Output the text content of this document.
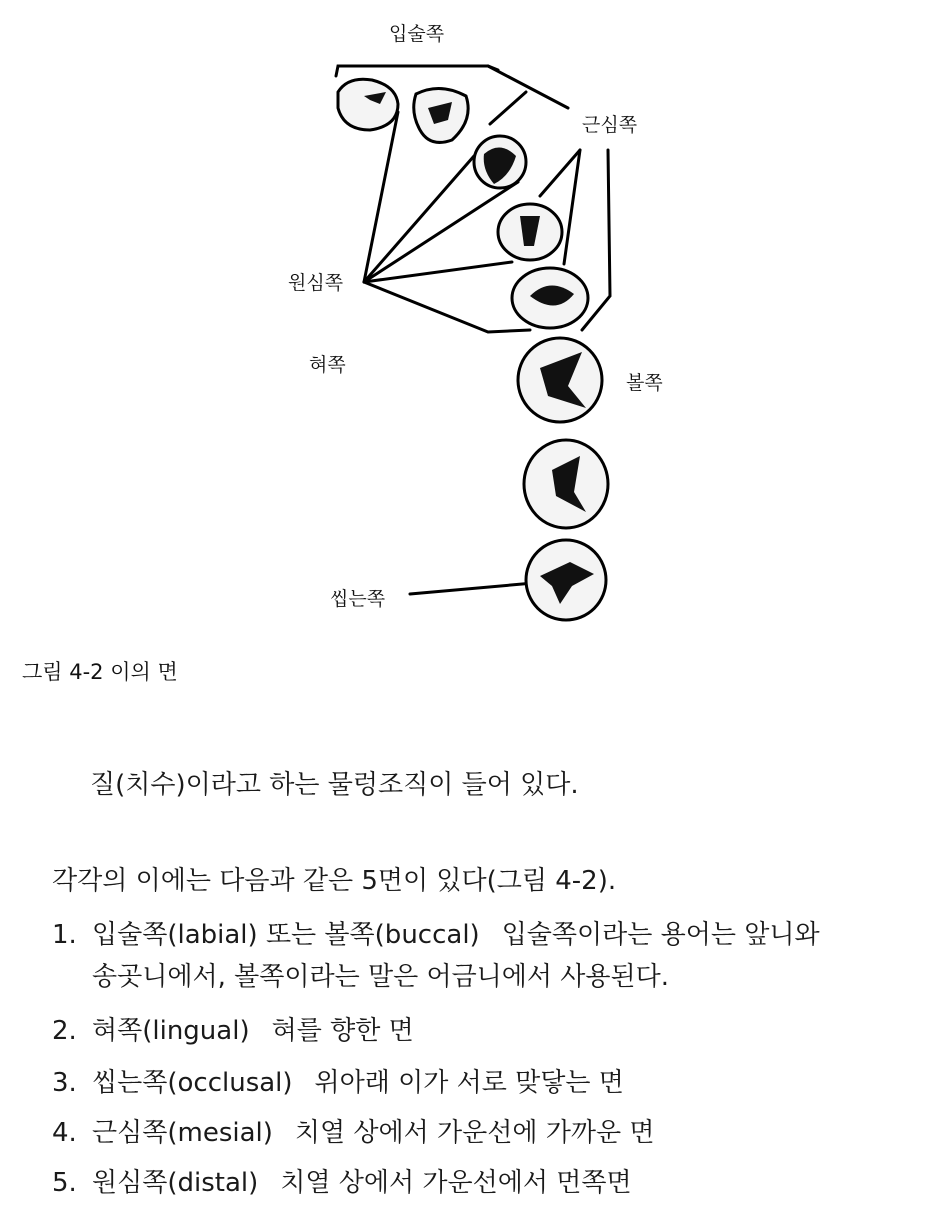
입술쪽
근심쪽
원심쪽
혀쪽
볼쪽
씹는쪽
그림 4-2 이의 면
질(치수)이라고 하는 물렁조직이 들어 있다.
각각의 이에는 다음과 같은 5면이 있다(그림 4-2).
1. 입술쪽(labial) 또는 볼쪽(buccal) 입술쪽이라는 용어는 앞니와
송곳니에서, 볼쪽이라는 말은 어금니에서 사용된다.
2. 혀쪽(lingual) 혀를 향한 면
3. 씹는쪽(occlusal) 위아래 이가 서로 맞닿는 면
4. 근심쪽(mesial) 치열 상에서 가운선에 가까운 면
5. 원심쪽(distal) 치열 상에서 가운선에서 먼쪽면
